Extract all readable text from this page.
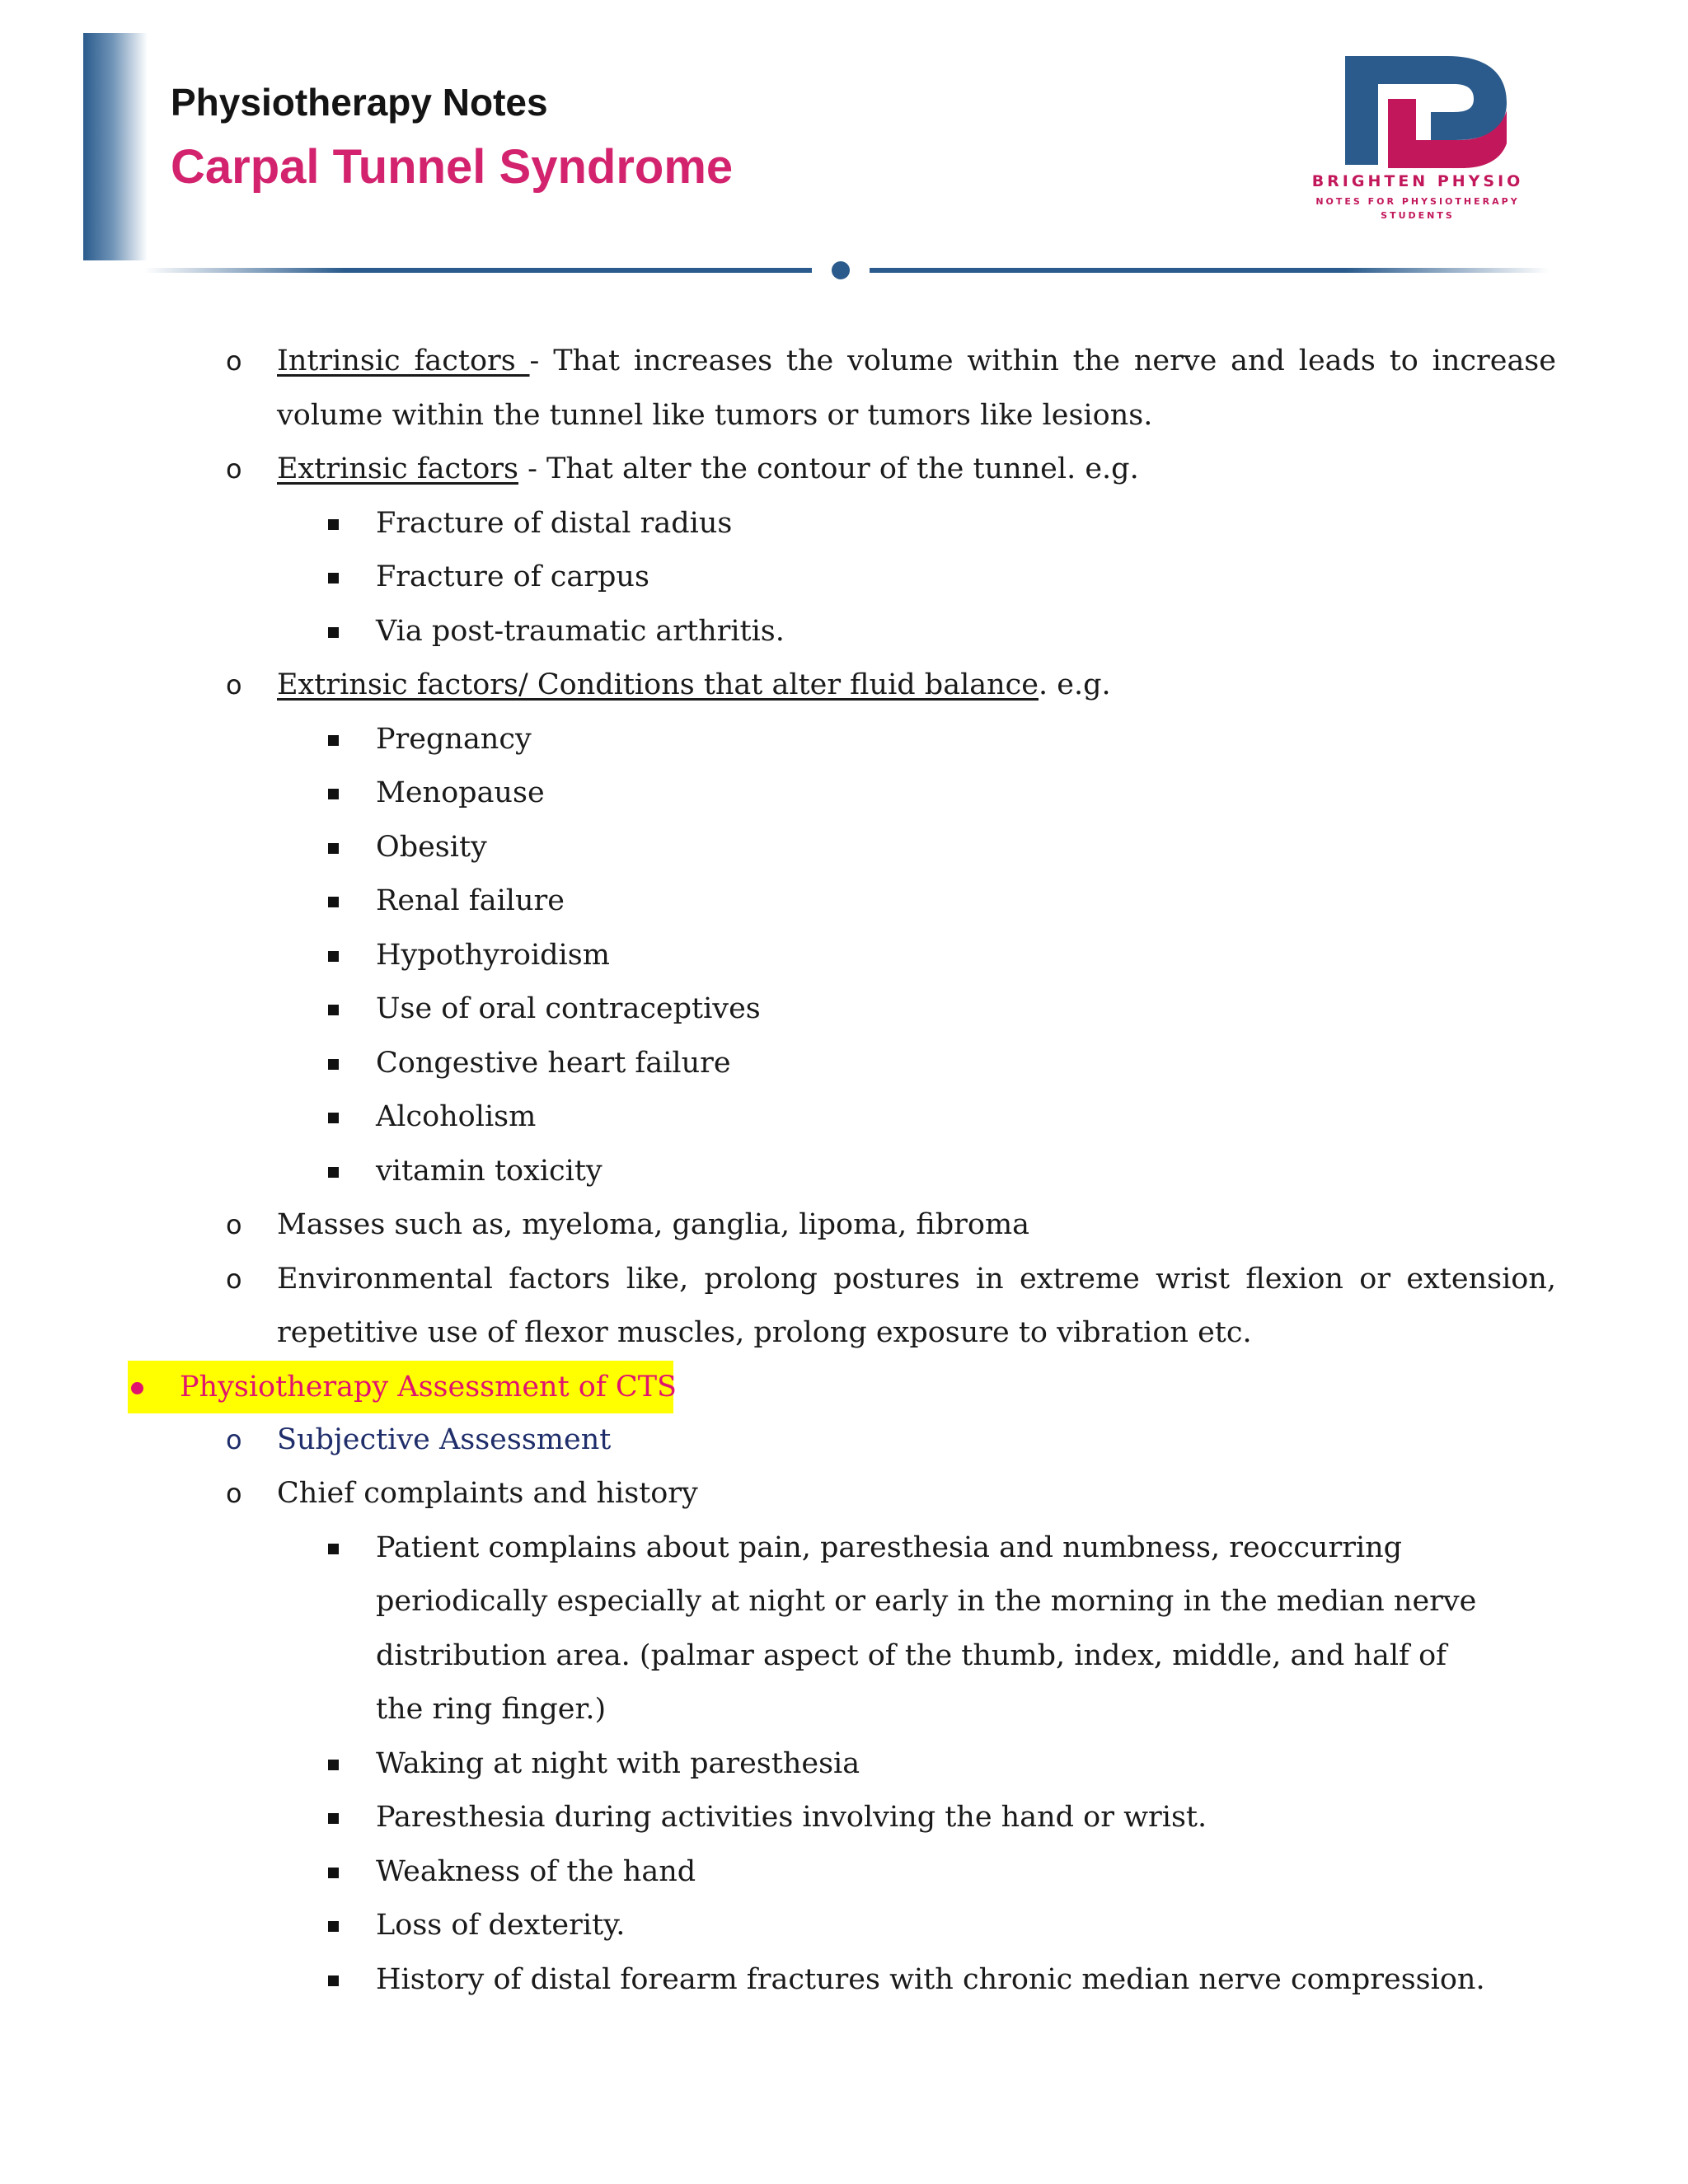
Physiotherapy Notes
Carpal Tunnel Syndrome	BRIGHTEN PHYSIO
NOTES FOR PHYSIOTHERAPY
STUDENTS
o Intrinsic factors - That increases the volume within the nerve and leads to increase volume within the tunnel like tumors or tumors like lesions.
o Extrinsic factors - That alter the contour of the tunnel. e.g.
Fracture of distal radius
Fracture of carpus
Via post-traumatic arthritis.
o Extrinsic factors/ Conditions that alter fluid balance. e.g.
Pregnancy
Menopause
Obesity
Renal failure
Hypothyroidism
Use of oral contraceptives
Congestive heart failure
Alcoholism
vitamin toxicity
o Masses such as, myeloma, ganglia, lipoma, fibroma
o Environmental factors like, prolong postures in extreme wrist flexion or extension, repetitive use of flexor muscles, prolong exposure to vibration etc.
Physiotherapy Assessment of CTS
o Subjective Assessment
o Chief complaints and history
Patient complains about pain, paresthesia and numbness, reoccurring periodically especially at night or early in the morning in the median nerve distribution area. (palmar aspect of the thumb, index, middle, and half of the ring finger.)
Waking at night with paresthesia
Paresthesia during activities involving the hand or wrist.
Weakness of the hand
Loss of dexterity.
History of distal forearm fractures with chronic median nerve compression.
